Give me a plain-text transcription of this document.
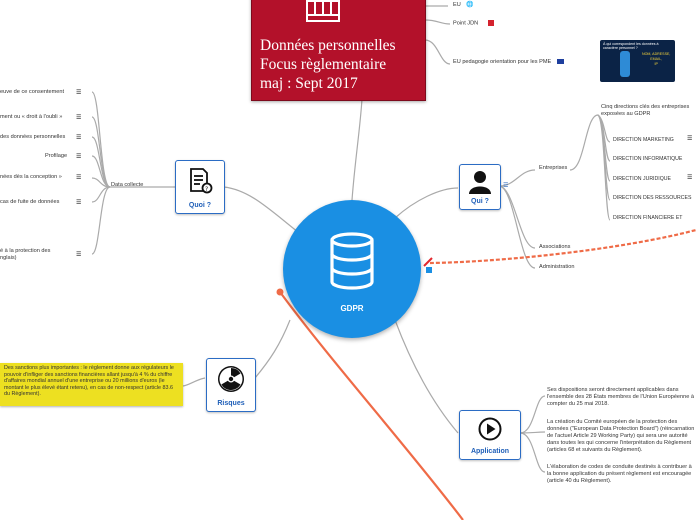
Données personnelles
Focus règlementaire
maj : Sept 2017
EU 🌐
Point JDN
EU pedagogie orientation pour les PME
À qui correspondent les données à
caractère personnel ?
NOM, ADRESSE,
EMAIL,
IP
GDPR
?
Quoi ?
Data collecte
euve de ce consentement
ment ou « droit à l'oubli »
des données personnelles
Profilage
nées dès la conception »
cas de fuite de données
é à la protection des
nglais)
☰
☰
☰
☰
☰
☰
☰
Qui ?
☰
Entreprises
Associations
Administration
Cinq directions clés des entreprises
exposées au GDPR
DIRECTION MARKETING
DIRECTION INFORMATIQUE
DIRECTION JURIDIQUE
DIRECTION DES RESSOURCES
DIRECTION FINANCIERE ET
☰
☰
Risques
Des sanctions plus importantes : le règlement donne aux régulateurs le pouvoir d'infliger des sanctions financières allant jusqu'à 4 % du chiffre d'affaires mondial annuel d'une entreprise ou 20 millions d'euros (le montant le plus élevé étant retenu), en cas de non-respect (article 83.6 du Règlement).
Application
Ses dispositions seront directement applicables dans l'ensemble des 28 États membres de l'Union Européenne à compter du 25 mai 2018.
La création du Comité européen de la protection des données ("European Data Protection Board") (réincarnation de l'actuel Article 29 Working Party) qui sera une autorité dans toutes les qui concerne l'interprétation du Règlement (articles 68 et suivants du Règlement).
L'élaboration de codes de conduite destinés à contribuer à la bonne application du présent règlement est encouragée (article 40 du Règlement).
